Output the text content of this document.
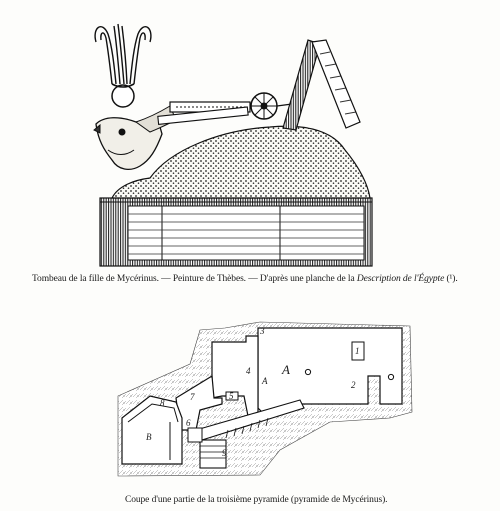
Tombeau de la fille de Mycérinus. — Peinture de Thèbes. — D'après une planche de la Description de l'Égypte (¹).
1
2
3
4
5
6
7
8
9
A
A
B
Coupe d'une partie de la troisième pyramide (pyramide de Mycérinus).
